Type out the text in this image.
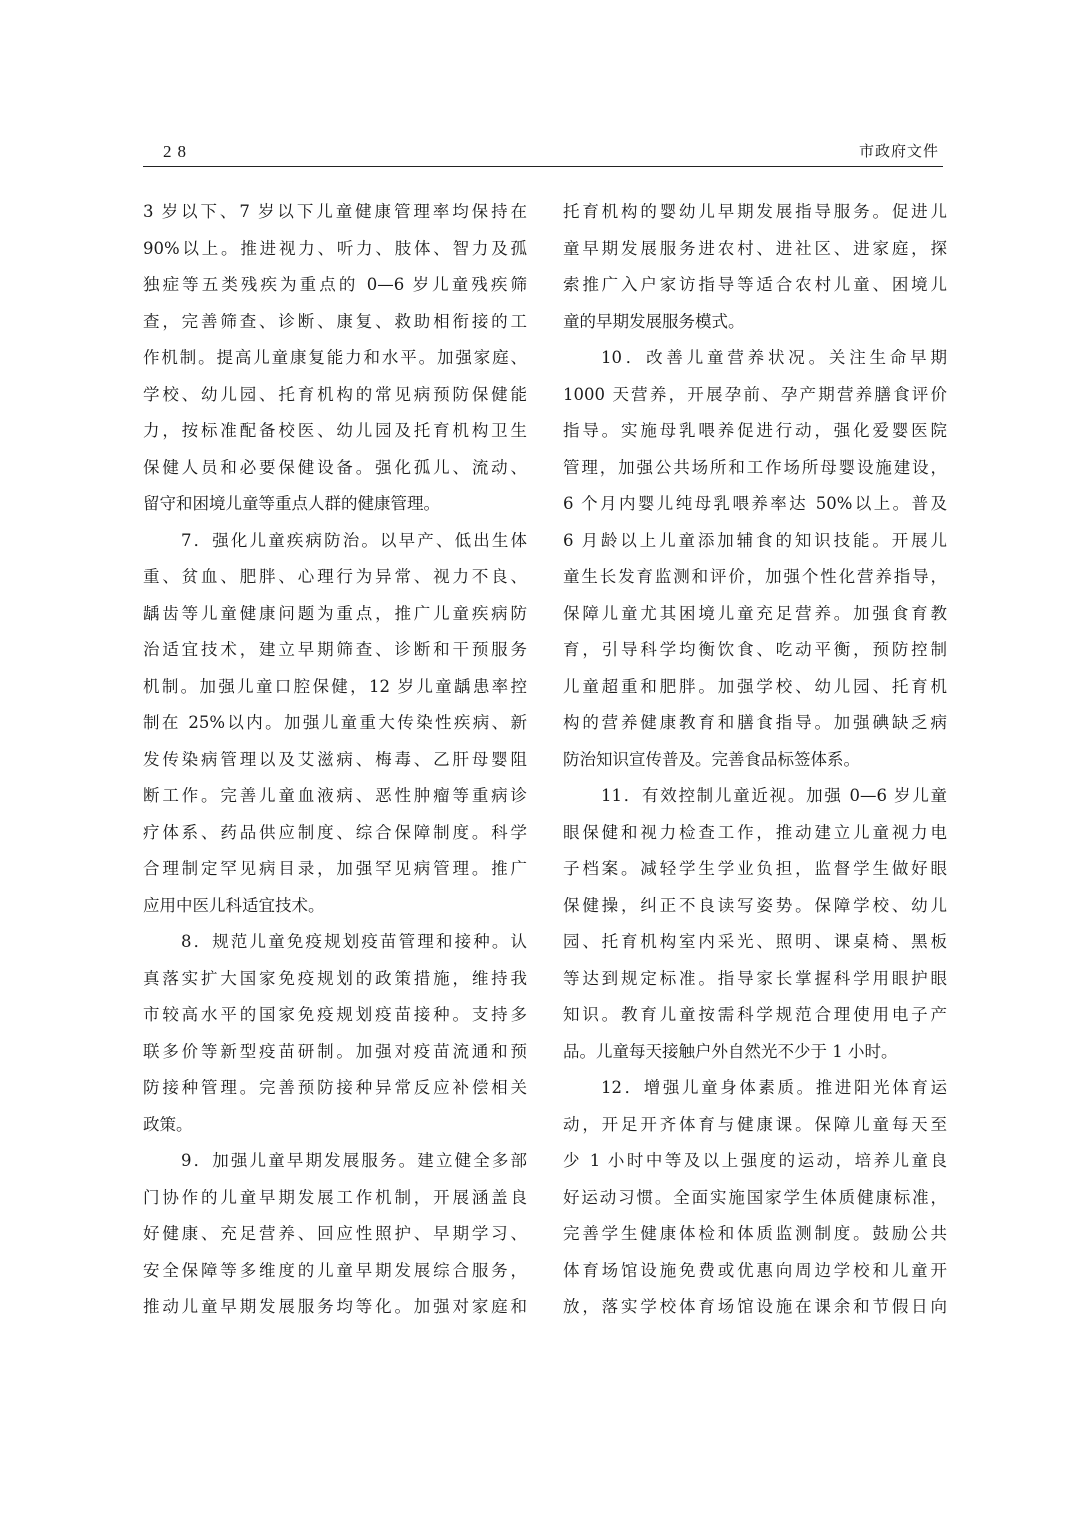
28	市政府文件
3 岁以下、7 岁以下儿童健康管理率均保持在
90%以上。推进视力、听力、肢体、智力及孤
独症等五类残疾为重点的 0—6 岁儿童残疾筛
查，完善筛查、诊断、康复、救助相衔接的工
作机制。提高儿童康复能力和水平。加强家庭、
学校、幼儿园、托育机构的常见病预防保健能
力，按标准配备校医、幼儿园及托育机构卫生
保健人员和必要保健设备。强化孤儿、流动、
留守和困境儿童等重点人群的健康管理。
7．强化儿童疾病防治。以早产、低出生体
重、贫血、肥胖、心理行为异常、视力不良、
龋齿等儿童健康问题为重点，推广儿童疾病防
治适宜技术，建立早期筛查、诊断和干预服务
机制。加强儿童口腔保健，12 岁儿童龋患率控
制在 25%以内。加强儿童重大传染性疾病、新
发传染病管理以及艾滋病、梅毒、乙肝母婴阻
断工作。完善儿童血液病、恶性肿瘤等重病诊
疗体系、药品供应制度、综合保障制度。科学
合理制定罕见病目录，加强罕见病管理。推广
应用中医儿科适宜技术。
8．规范儿童免疫规划疫苗管理和接种。认
真落实扩大国家免疫规划的政策措施，维持我
市较高水平的国家免疫规划疫苗接种。支持多
联多价等新型疫苗研制。加强对疫苗流通和预
防接种管理。完善预防接种异常反应补偿相关
政策。
9．加强儿童早期发展服务。建立健全多部
门协作的儿童早期发展工作机制，开展涵盖良
好健康、充足营养、回应性照护、早期学习、
安全保障等多维度的儿童早期发展综合服务，
推动儿童早期发展服务均等化。加强对家庭和
托育机构的婴幼儿早期发展指导服务。促进儿
童早期发展服务进农村、进社区、进家庭，探
索推广入户家访指导等适合农村儿童、困境儿
童的早期发展服务模式。
10．改善儿童营养状况。关注生命早期
1000 天营养，开展孕前、孕产期营养膳食评价
指导。实施母乳喂养促进行动，强化爱婴医院
管理，加强公共场所和工作场所母婴设施建设，
6 个月内婴儿纯母乳喂养率达 50%以上。普及
6 月龄以上儿童添加辅食的知识技能。开展儿
童生长发育监测和评价，加强个性化营养指导，
保障儿童尤其困境儿童充足营养。加强食育教
育，引导科学均衡饮食、吃动平衡，预防控制
儿童超重和肥胖。加强学校、幼儿园、托育机
构的营养健康教育和膳食指导。加强碘缺乏病
防治知识宣传普及。完善食品标签体系。
11．有效控制儿童近视。加强 0—6 岁儿童
眼保健和视力检查工作，推动建立儿童视力电
子档案。减轻学生学业负担，监督学生做好眼
保健操，纠正不良读写姿势。保障学校、幼儿
园、托育机构室内采光、照明、课桌椅、黑板
等达到规定标准。指导家长掌握科学用眼护眼
知识。教育儿童按需科学规范合理使用电子产
品。儿童每天接触户外自然光不少于 1 小时。
12．增强儿童身体素质。推进阳光体育运
动，开足开齐体育与健康课。保障儿童每天至
少 1 小时中等及以上强度的运动，培养儿童良
好运动习惯。全面实施国家学生体质健康标准，
完善学生健康体检和体质监测制度。鼓励公共
体育场馆设施免费或优惠向周边学校和儿童开
放，落实学校体育场馆设施在课余和节假日向
